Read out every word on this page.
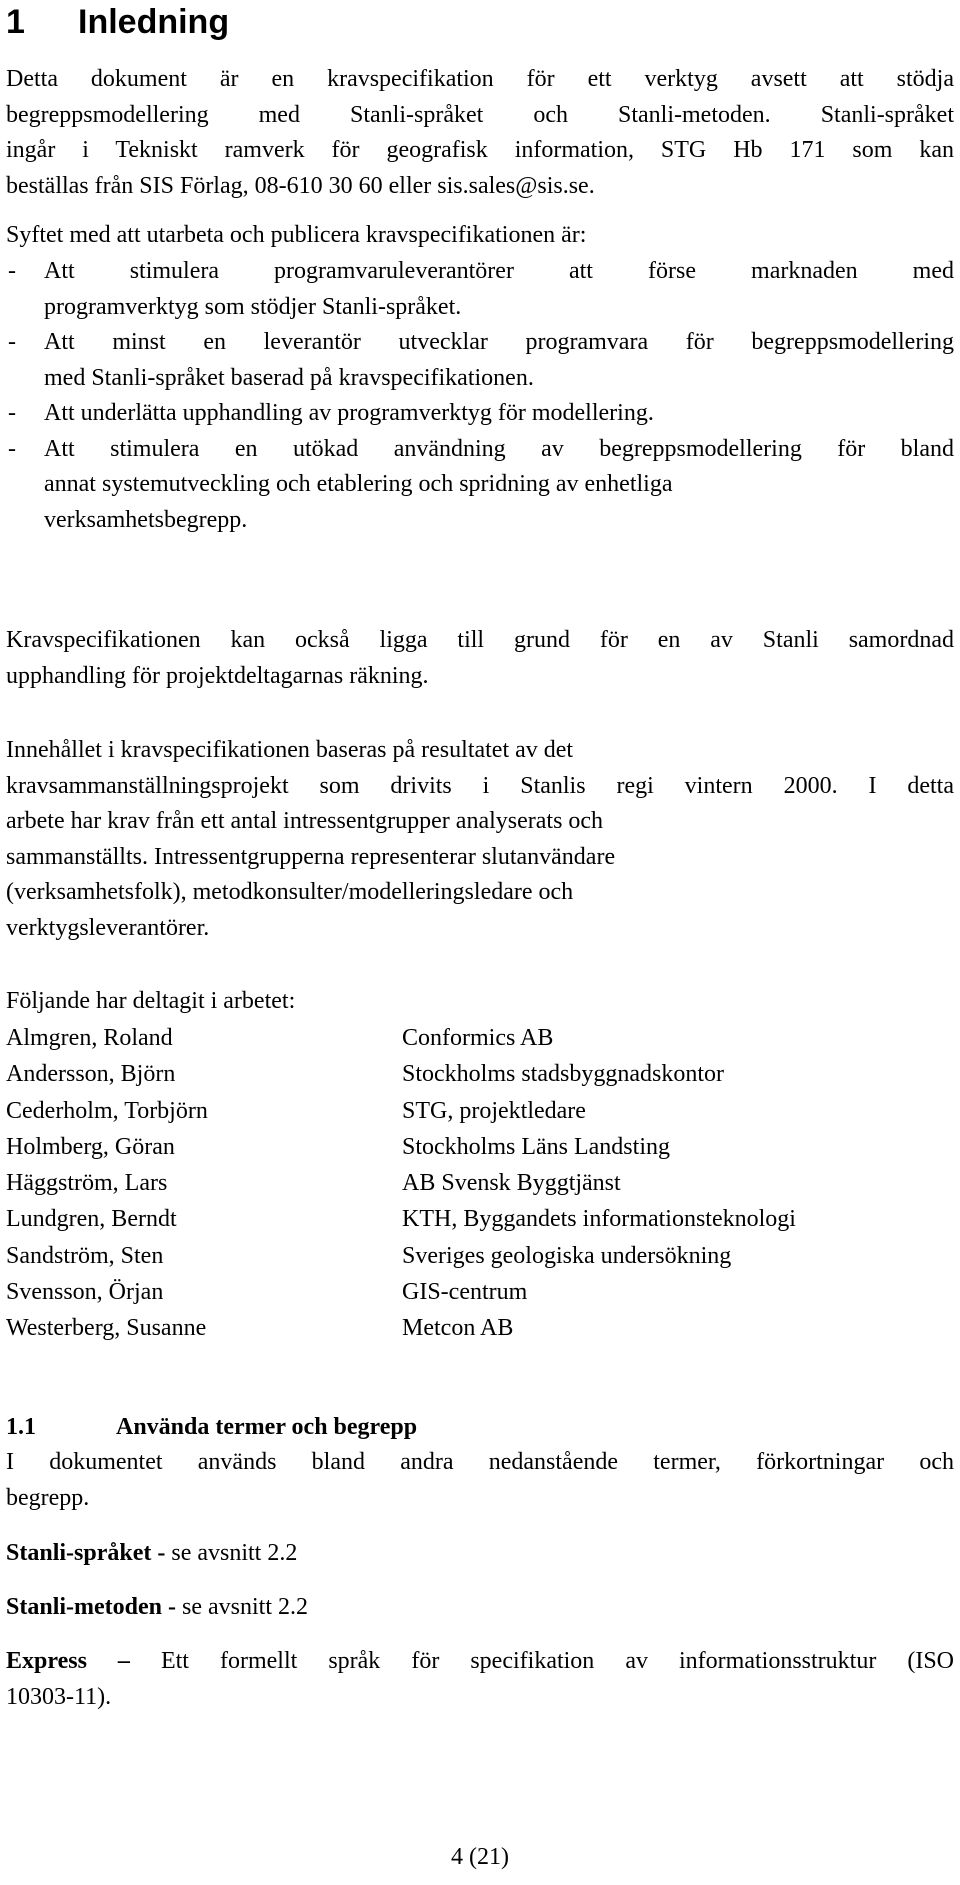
1 Inledning
Detta dokument är en kravspecifikation för ett verktyg avsett att stödja
begreppsmodellering med Stanli-språket och Stanli-metoden. Stanli-språket
ingår i Tekniskt ramverk för geografisk information, STG Hb 171 som kan
beställas från SIS Förlag, 08-610 30 60 eller sis.sales@sis.se.
Syftet med att utarbeta och publicera kravspecifikationen är:
- Att stimulera programvaruleverantörer att förse marknaden med
programverktyg som stödjer Stanli-språket.
- Att minst en leverantör utvecklar programvara för begreppsmodellering
med Stanli-språket baserad på kravspecifikationen.
- Att underlätta upphandling av programverktyg för modellering.
- Att stimulera en utökad användning av begreppsmodellering för bland
annat systemutveckling och etablering och spridning av enhetliga
verksamhetsbegrepp.
Kravspecifikationen kan också ligga till grund för en av Stanli samordnad
upphandling för projektdeltagarnas räkning.
Innehållet i kravspecifikationen baseras på resultatet av det
kravsammanställningsprojekt som drivits i Stanlis regi vintern 2000. I detta
arbete har krav från ett antal intressentgrupper analyserats och
sammanställts. Intressentgrupperna representerar slutanvändare
(verksamhetsfolk), metodkonsulter/modelleringsledare och
verktygsleverantörer.
Följande har deltagit i arbetet:
Almgren, Roland	Conformics AB
Andersson, Björn	Stockholms stadsbyggnadskontor
Cederholm, Torbjörn	STG, projektledare
Holmberg, Göran	Stockholms Läns Landsting
Häggström, Lars	AB Svensk Byggtjänst
Lundgren, Berndt	KTH, Byggandets informationsteknologi
Sandström, Sten	Sveriges geologiska undersökning
Svensson, Örjan	GIS-centrum
Westerberg, Susanne	Metcon AB
1.1	Använda termer och begrepp
I dokumentet används bland andra nedanstående termer, förkortningar och
begrepp.
Stanli-språket - se avsnitt 2.2
Stanli-metoden - se avsnitt 2.2
Express – Ett formellt språk för specifikation av informationsstruktur (ISO
10303-11).
4 (21)
